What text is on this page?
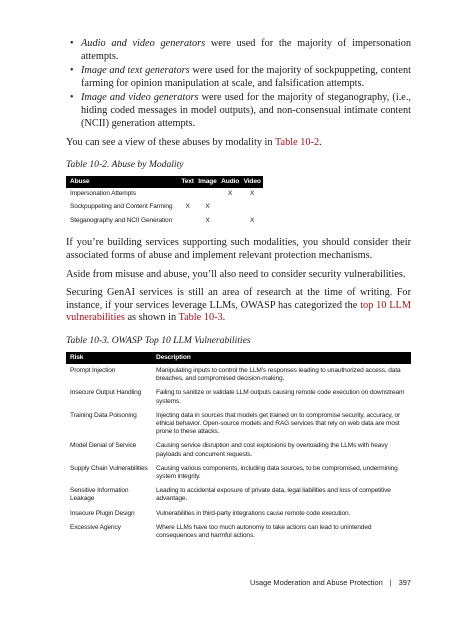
• Audio and video generators were used for the majority of impersonation attempts.
• Image and text generators were used for the majority of sockpuppeting, content farming for opinion manipulation at scale, and falsification attempts.
• Image and video generators were used for the majority of steganography, (i.e., hiding coded messages in model outputs), and non-consensual intimate content (NCII) generation attempts.

You can see a view of these abuses by modality in Table 10-2.

Table 10-2. Abuse by Modality
Abuse	Text	Image	Audio	Video
Impersonation Attempts			X	X
Sockpuppeting and Content Farming	X	X		
Steganography and NCII Generation		X		X

If you’re building services supporting such modalities, you should consider their associated forms of abuse and implement relevant protection mechanisms.

Aside from misuse and abuse, you’ll also need to consider security vulnerabilities.

Securing GenAI services is still an area of research at the time of writing. For instance, if your services leverage LLMs, OWASP has categorized the top 10 LLM vulnerabilities as shown in Table 10-3.

Table 10-3. OWASP Top 10 LLM Vulnerabilities
Risk	Description
Prompt Injection	Manipulating inputs to control the LLM’s responses leading to unauthorized access, data breaches, and compromised decision-making.
Insecure Output Handling	Failing to sanitize or validate LLM outputs causing remote code execution on downstream systems.
Training Data Poisoning	Injecting data in sources that models get trained on to compromise security, accuracy, or ethical behavior. Open-source models and RAG services that rely on web data are most prone to these attacks.
Model Denial of Service	Causing service disruption and cost explosions by overloading the LLMs with heavy payloads and concurrent requests.
Supply Chain Vulnerabilities	Causing various components, including data sources, to be compromised, undermining system integrity.
Sensitive Information Leakage	Leading to accidental exposure of private data, legal liabilities and loss of competitive advantage.
Insecure Plugin Design	Vulnerabilities in third-party integrations cause remote code execution.
Excessive Agency	Where LLMs have too much autonomy to take actions can lead to unintended consequences and harmful actions.
Usage Moderation and Abuse Protection | 397
